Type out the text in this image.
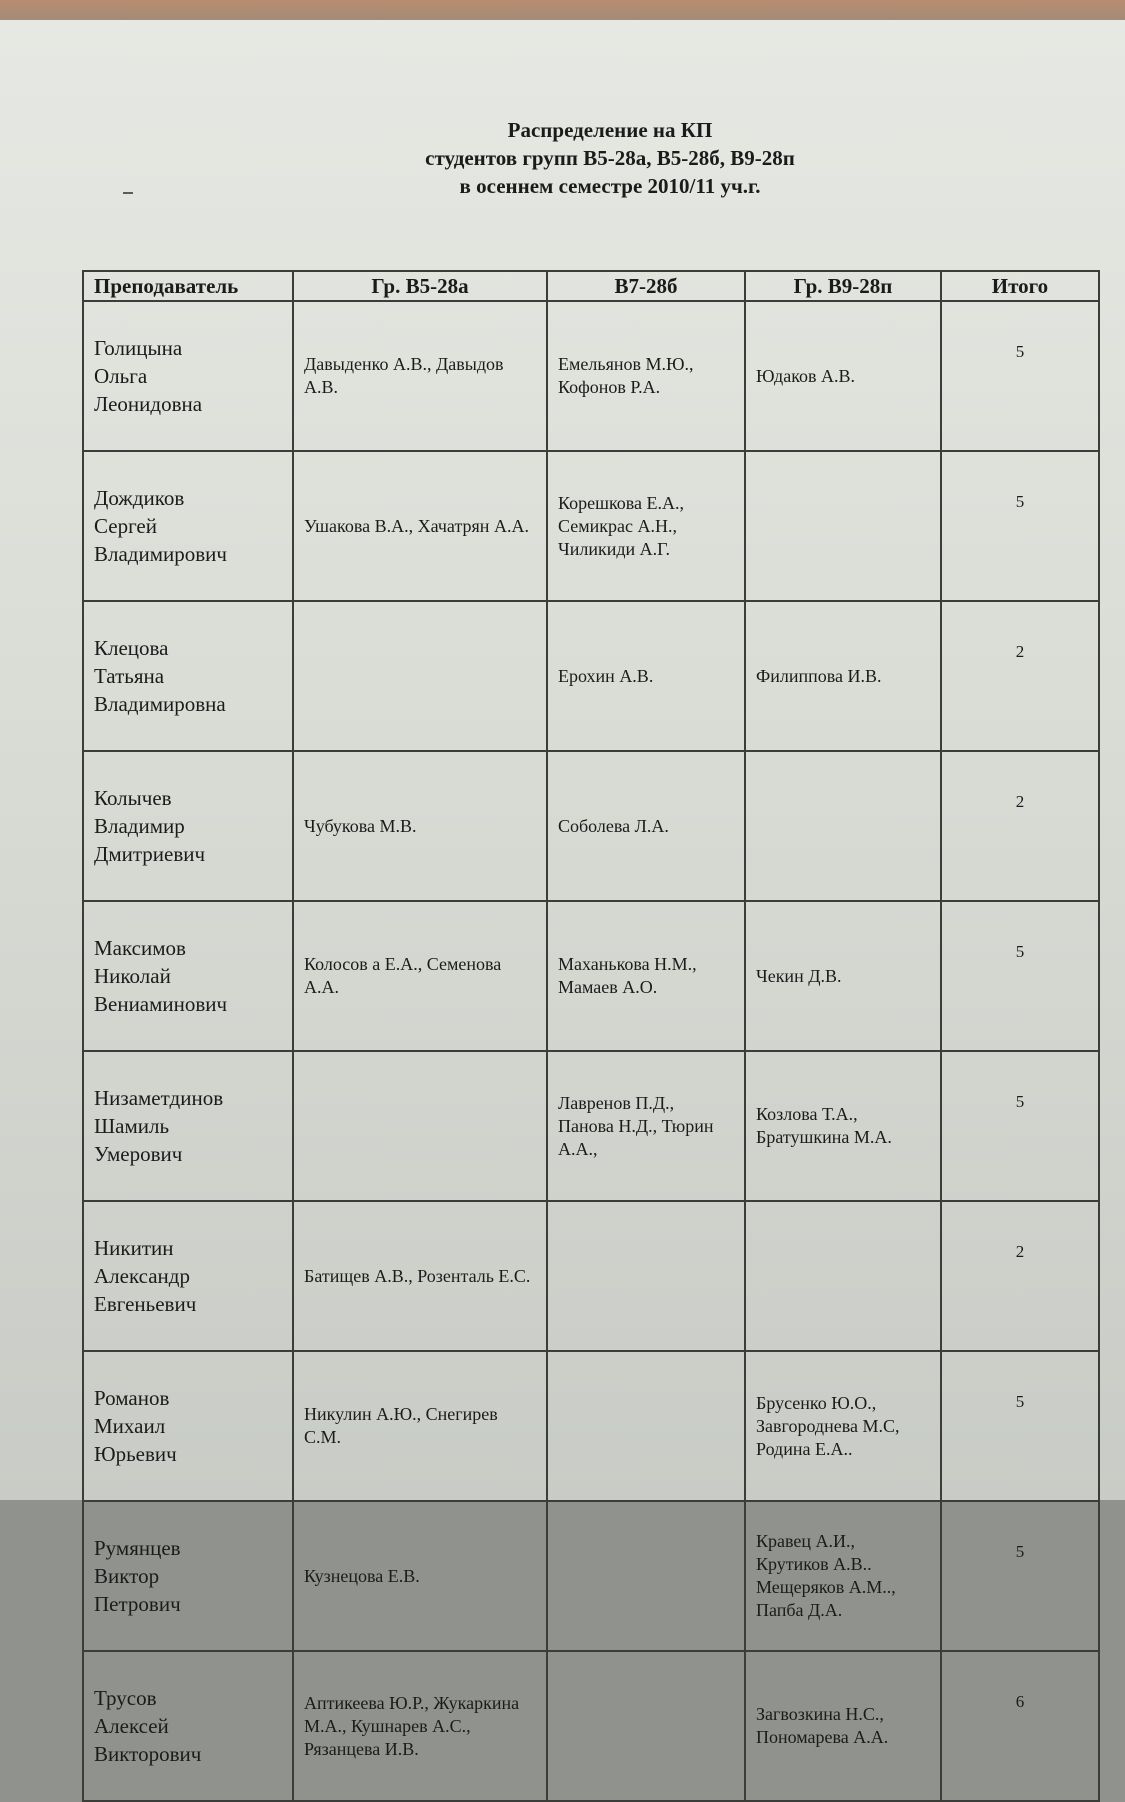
Распределение на КП
студентов групп В5-28а, В5-28б, В9-28п
в осеннем семестре 2010/11 уч.г.
Преподаватель	Гр. В5-28а	В7-28б	Гр. В9-28п	Итого

Голицына
Ольга
Леонидовна	Давыденко А.В., Давыдов А.В.	Емельянов М.Ю., Кофонов Р.А.	Юдаков А.В.	5

Дождиков
Сергей
Владимирович	Ушакова В.А., Хачатрян А.А.	Корешкова Е.А., Семикрас А.Н., Чиликиди А.Г.		5

Клецова
Татьяна
Владимировна		Ерохин А.В.	Филиппова И.В.	2

Колычев
Владимир
Дмитриевич	Чубукова М.В.	Соболева Л.А.		2

Максимов
Николай
Вениаминович	Колосов а Е.А., Семенова А.А.	Маханькова Н.М., Мамаев А.О.	Чекин Д.В.	5

Низаметдинов
Шамиль
Умерович		Лавренов П.Д., Панова Н.Д., Тюрин А.А.,	Козлова Т.А., Братушкина М.А.	5

Никитин
Александр
Евгеньевич	Батищев А.В., Розенталь Е.С.			2

Романов
Михаил
Юрьевич	Никулин А.Ю., Снегирев С.М.		Брусенко Ю.О., Завгороднева М.С, Родина Е.А..	5

Румянцев
Виктор
Петрович	Кузнецова Е.В.		Кравец А.И., Крутиков А.В.. Мещеряков А.М.., Папба Д.А.	5

Трусов
Алексей
Викторович	Аптикеева Ю.Р., Жукаркина М.А., Кушнарев А.С., Рязанцева И.В.		Загвозкина Н.С., Пономарева А.А.	6
